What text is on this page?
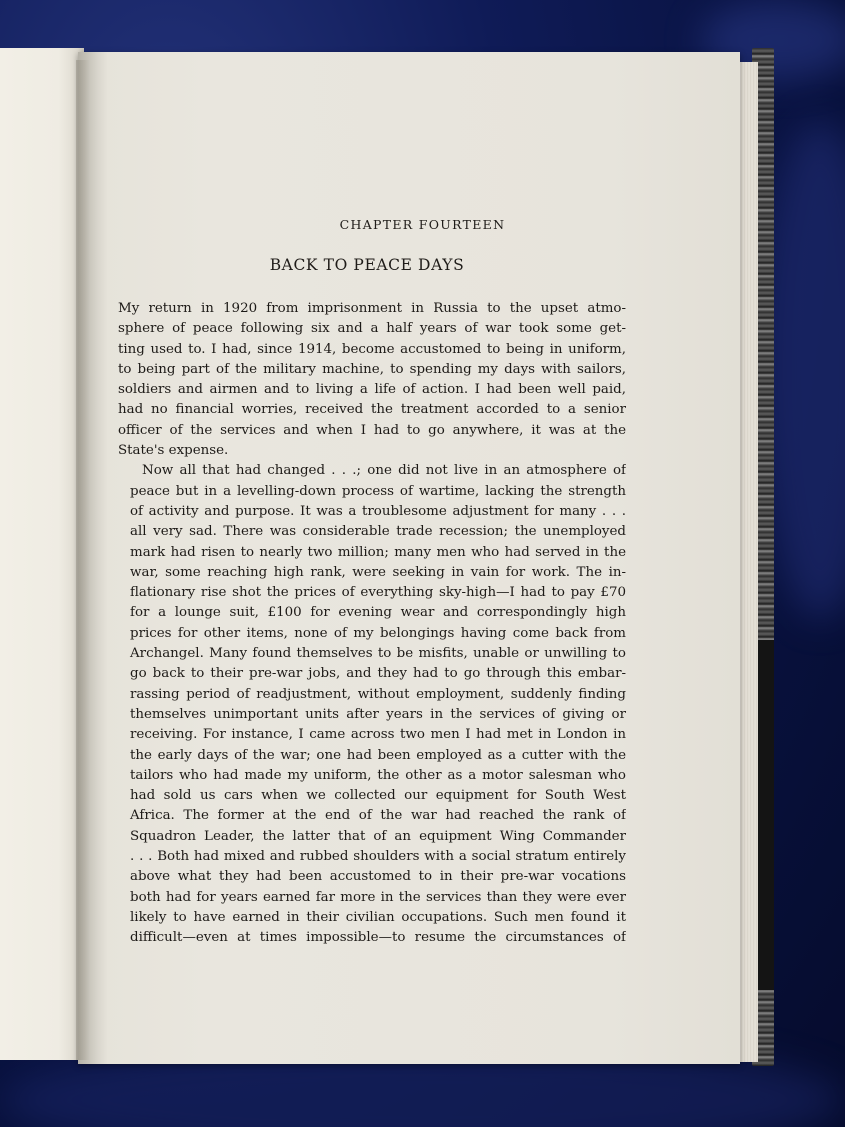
CHAPTER FOURTEEN
BACK TO PEACE DAYS

My return in 1920 from imprisonment in Russia to the upset atmo-
sphere of peace following six and a half years of war took some get-
ting used to. I had, since 1914, become accustomed to being in uniform,
to being part of the military machine, to spending my days with sailors,
soldiers and airmen and to living a life of action. I had been well paid,
had no financial worries, received the treatment accorded to a senior
officer of the services and when I had to go anywhere, it was at the
State's expense.

Now all that had changed . . .; one did not live in an atmosphere of
peace but in a levelling-down process of wartime, lacking the strength
of activity and purpose. It was a troublesome adjustment for many . . .
all very sad. There was considerable trade recession; the unemployed
mark had risen to nearly two million; many men who had served in the
war, some reaching high rank, were seeking in vain for work. The in-
flationary rise shot the prices of everything sky-high—I had to pay £70
for a lounge suit, £100 for evening wear and correspondingly high
prices for other items, none of my belongings having come back from
Archangel. Many found themselves to be misfits, unable or unwilling to
go back to their pre-war jobs, and they had to go through this embar-
rassing period of readjustment, without employment, suddenly finding
themselves unimportant units after years in the services of giving or
receiving. For instance, I came across two men I had met in London in
the early days of the war; one had been employed as a cutter with the
tailors who had made my uniform, the other as a motor salesman who
had sold us cars when we collected our equipment for South West
Africa. The former at the end of the war had reached the rank of
Squadron Leader, the latter that of an equipment Wing Commander
. . . Both had mixed and rubbed shoulders with a social stratum entirely
above what they had been accustomed to in their pre-war vocations
both had for years earned far more in the services than they were ever
likely to have earned in their civilian occupations. Such men found it
difficult—even at times impossible—to resume the circumstances of
